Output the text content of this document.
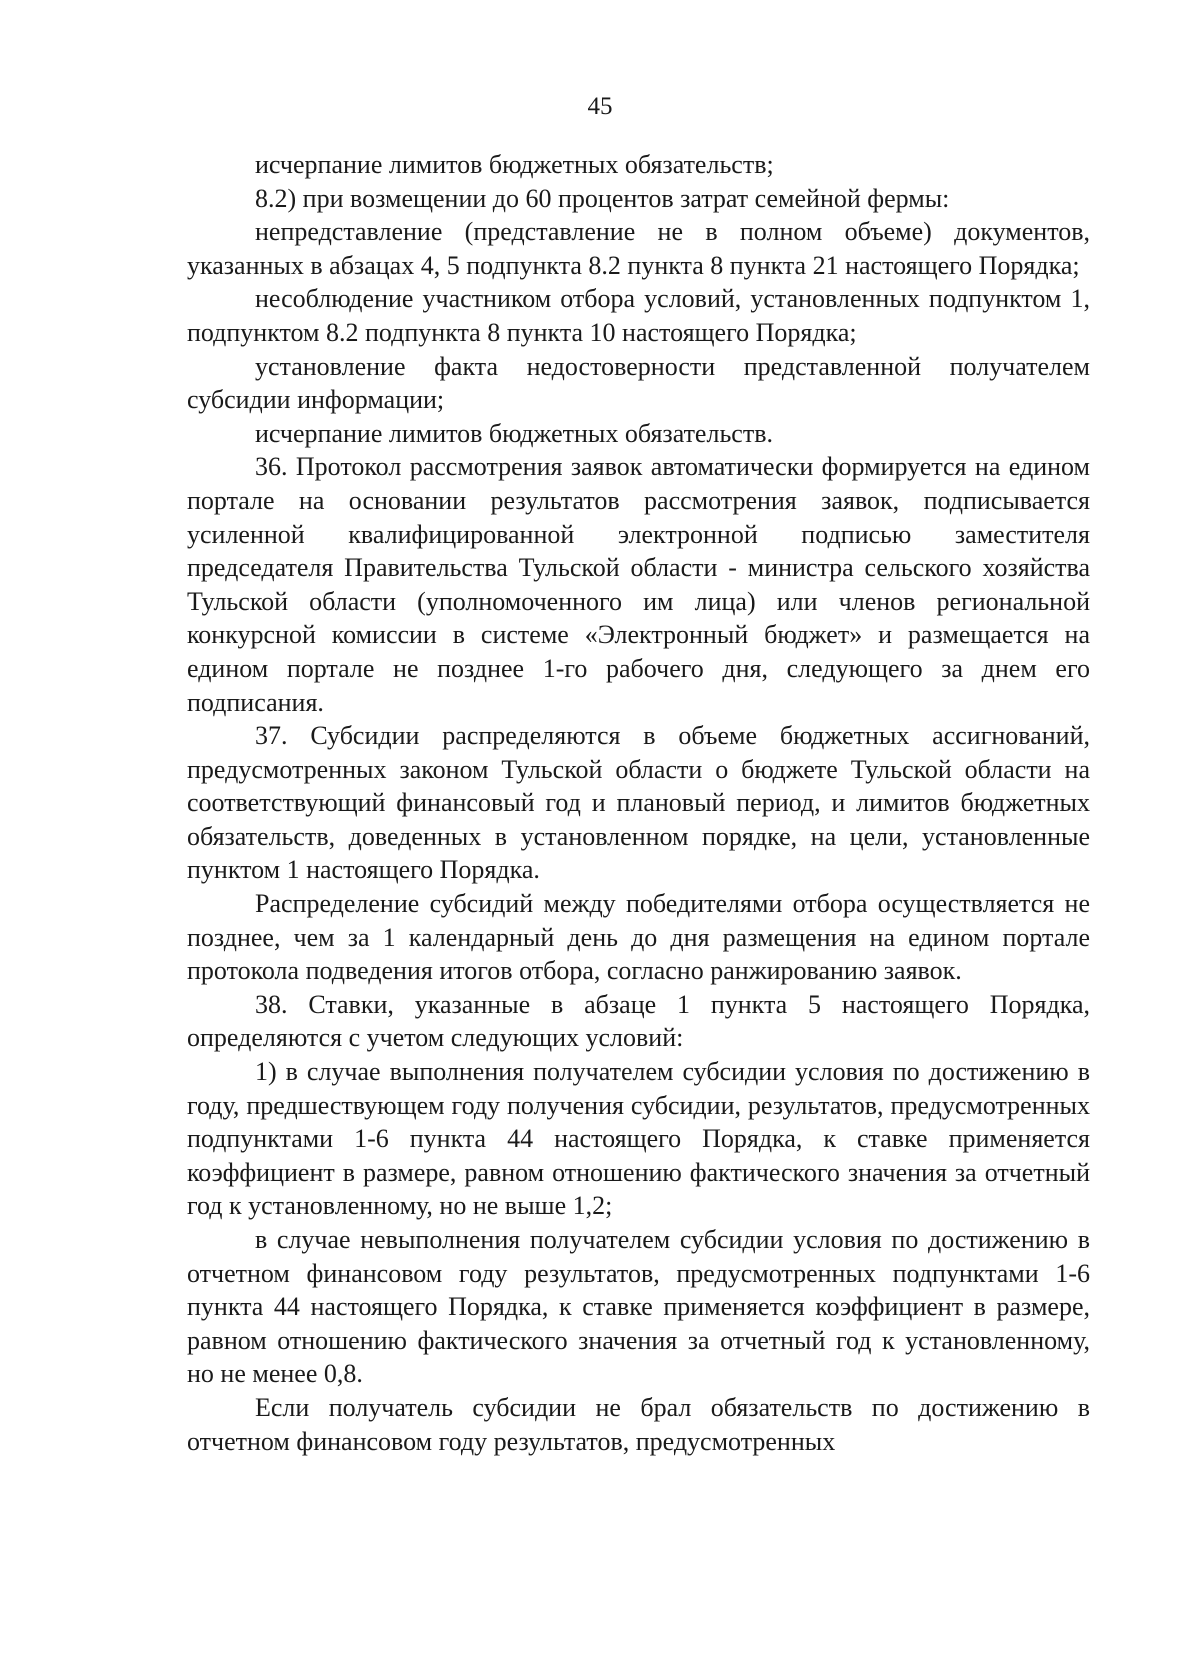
45

исчерпание лимитов бюджетных обязательств;

8.2) при возмещении до 60 процентов затрат семейной фермы:

непредставление (представление не в полном объеме) документов, указанных в абзацах 4, 5 подпункта 8.2 пункта 8 пункта 21 настоящего Порядка;

несоблюдение участником отбора условий, установленных подпунктом 1, подпунктом 8.2 подпункта 8 пункта 10 настоящего Порядка;

установление факта недостоверности представленной получателем субсидии информации;

исчерпание лимитов бюджетных обязательств.

36. Протокол рассмотрения заявок автоматически формируется на едином портале на основании результатов рассмотрения заявок, подписывается усиленной квалифицированной электронной подписью заместителя председателя Правительства Тульской области - министра сельского хозяйства Тульской области (уполномоченного им лица) или членов региональной конкурсной комиссии в системе «Электронный бюджет» и размещается на едином портале не позднее 1-го рабочего дня, следующего за днем его подписания.

37. Субсидии распределяются в объеме бюджетных ассигнований, предусмотренных законом Тульской области о бюджете Тульской области на соответствующий финансовый год и плановый период, и лимитов бюджетных обязательств, доведенных в установленном порядке, на цели, установленные пунктом 1 настоящего Порядка.

Распределение субсидий между победителями отбора осуществляется не позднее, чем за 1 календарный день до дня размещения на едином портале протокола подведения итогов отбора, согласно ранжированию заявок.

38. Ставки, указанные в абзаце 1 пункта 5 настоящего Порядка, определяются с учетом следующих условий:

1) в случае выполнения получателем субсидии условия по достижению в году, предшествующем году получения субсидии, результатов, предусмотренных подпунктами 1-6 пункта 44 настоящего Порядка, к ставке применяется коэффициент в размере, равном отношению фактического значения за отчетный год к установленному, но не выше 1,2;

в случае невыполнения получателем субсидии условия по достижению в отчетном финансовом году результатов, предусмотренных подпунктами 1-6 пункта 44 настоящего Порядка, к ставке применяется коэффициент в размере, равном отношению фактического значения за отчетный год к установленному, но не менее 0,8.

Если получатель субсидии не брал обязательств по достижению в отчетном финансовом году результатов, предусмотренных
